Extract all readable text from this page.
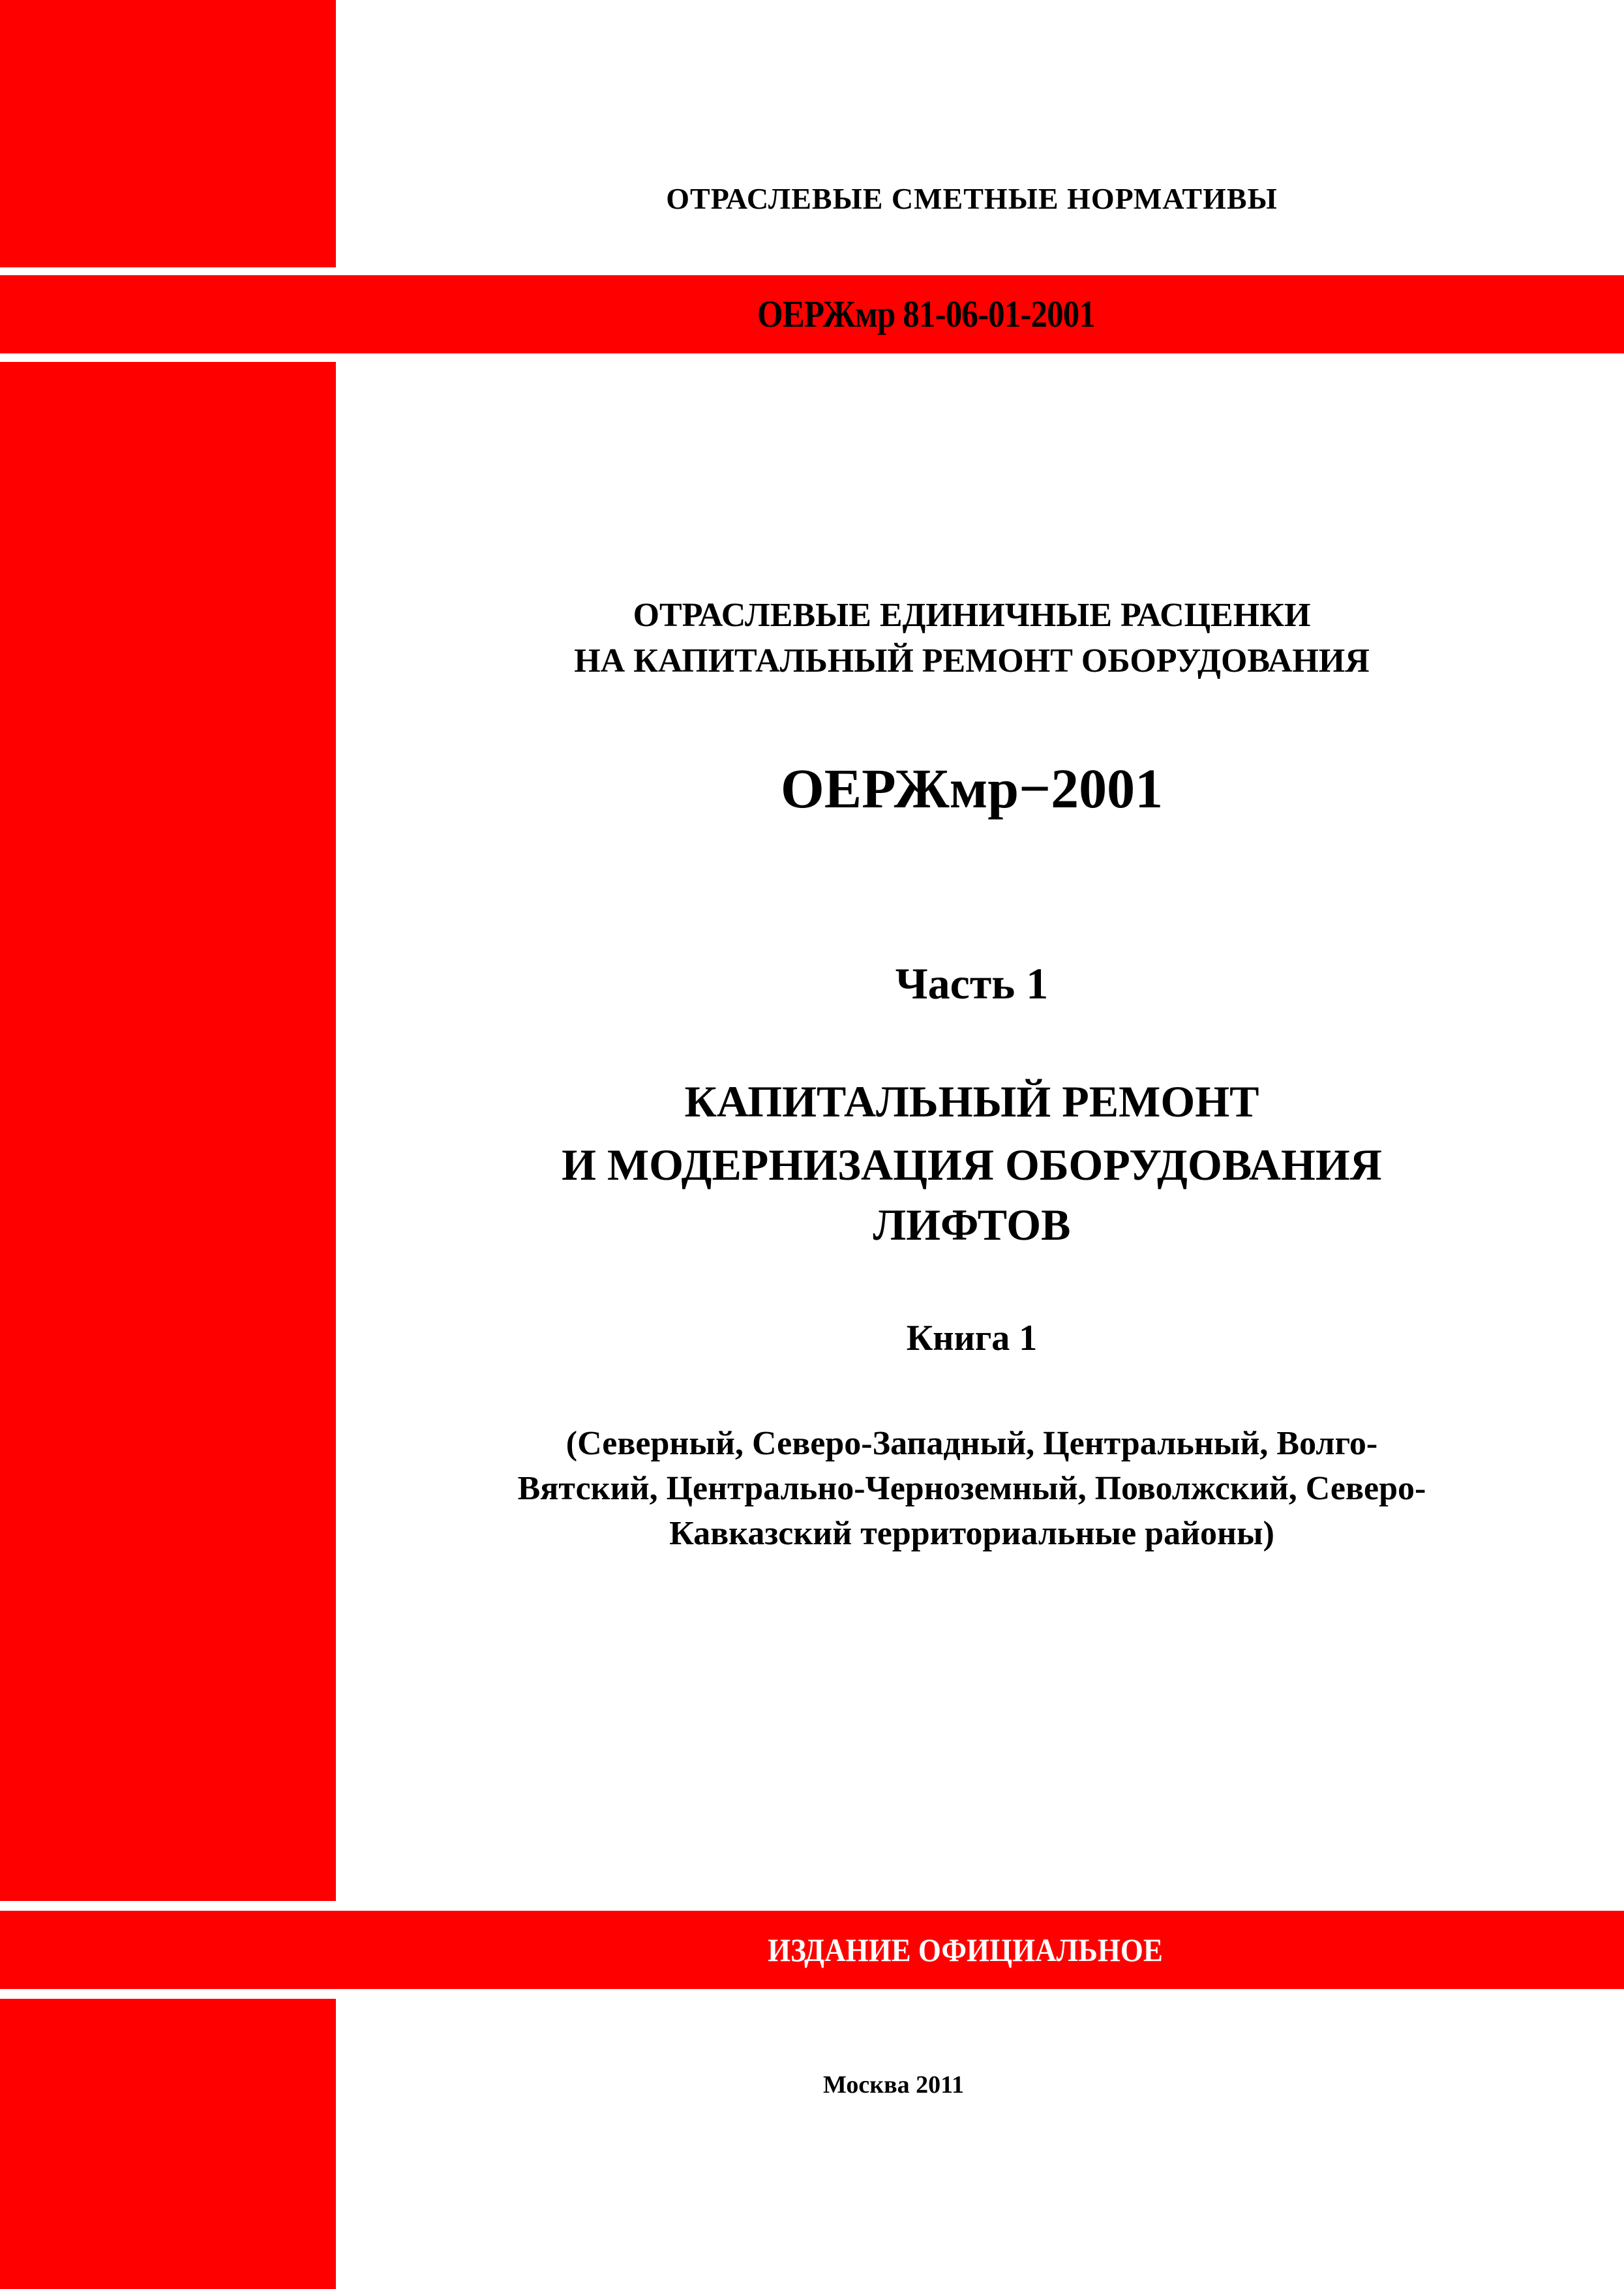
ОТРАСЛЕВЫЕ СМЕТНЫЕ НОРМАТИВЫ
ОЕРЖмр 81-06-01-2001
ОТРАСЛЕВЫЕ ЕДИНИЧНЫЕ РАСЦЕНКИ
НА КАПИТАЛЬНЫЙ РЕМОНТ ОБОРУДОВАНИЯ
ОЕРЖмр−2001
Часть 1
КАПИТАЛЬНЫЙ РЕМОНТ
И МОДЕРНИЗАЦИЯ ОБОРУДОВАНИЯ
ЛИФТОВ
Книга 1
(Северный, Северо-Западный, Центральный, Волго-
Вятский, Центрально-Черноземный, Поволжский, Северо-
Кавказский территориальные районы)
ИЗДАНИЕ ОФИЦИАЛЬНОЕ
Москва 2011
